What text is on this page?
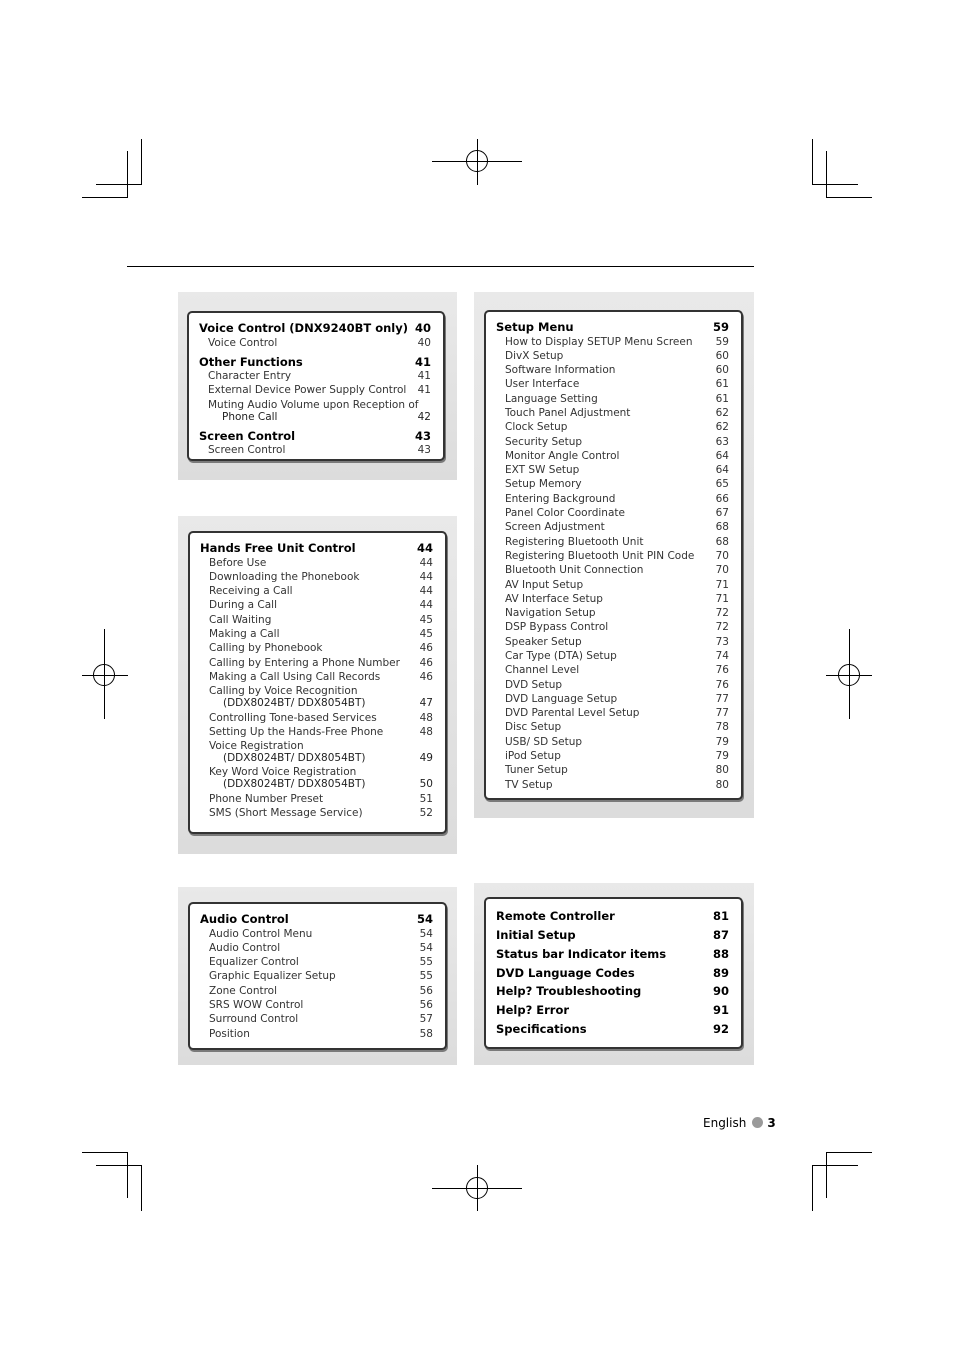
Voice Control (DNX9240BT only) 40
Voice Control	40
Other Functions	41
Character Entry	41
External Device Power Supply Control 41
Muting Audio Volume upon Reception of
Phone Call	42
Screen Control	43
Screen Control	43
Hands Free Unit Control	44
Before Use	44
Downloading the Phonebook	44
Receiving a Call	44
During a Call	44
Call Waiting	45
Making a Call	45
Calling by Phonebook	46
Calling by Entering a Phone Number 46
Making a Call Using Call Records	46
Calling by Voice Recognition
(DDX8024BT/ DDX8054BT)	47
Controlling Tone-based Services	48
Setting Up the Hands-Free Phone	48
Voice Registration
(DDX8024BT/ DDX8054BT)	49
Key Word Voice Registration
(DDX8024BT/ DDX8054BT)	50
Phone Number Preset	51
SMS (Short Message Service)	52
Audio Control	54
Audio Control Menu	54
Audio Control	54
Equalizer Control	55
Graphic Equalizer Setup	55
Zone Control	56
SRS WOW Control	56
Surround Control	57
Position	58
Setup Menu	59
How to Display SETUP Menu Screen 59
DivX Setup	60
Software Information	60
User Interface	61
Language Setting	61
Touch Panel Adjustment	62
Clock Setup	62
Security Setup	63
Monitor Angle Control	64
EXT SW Setup	64
Setup Memory	65
Entering Background	66
Panel Color Coordinate	67
Screen Adjustment	68
Registering Bluetooth Unit	68
Registering Bluetooth Unit PIN Code 70
Bluetooth Unit Connection	70
AV Input Setup	71
AV Interface Setup	71
Navigation Setup	72
DSP Bypass Control	72
Speaker Setup	73
Car Type (DTA) Setup	74
Channel Level	76
DVD Setup	76
DVD Language Setup	77
DVD Parental Level Setup	77
Disc Setup	78
USB/ SD Setup	79
iPod Setup	79
Tuner Setup	80
TV Setup	80
Remote Controller	81
Initial Setup	87
Status bar Indicator items	88
DVD Language Codes	89
Help? Troubleshooting	90
Help? Error	91
Specifications	92
English 3
